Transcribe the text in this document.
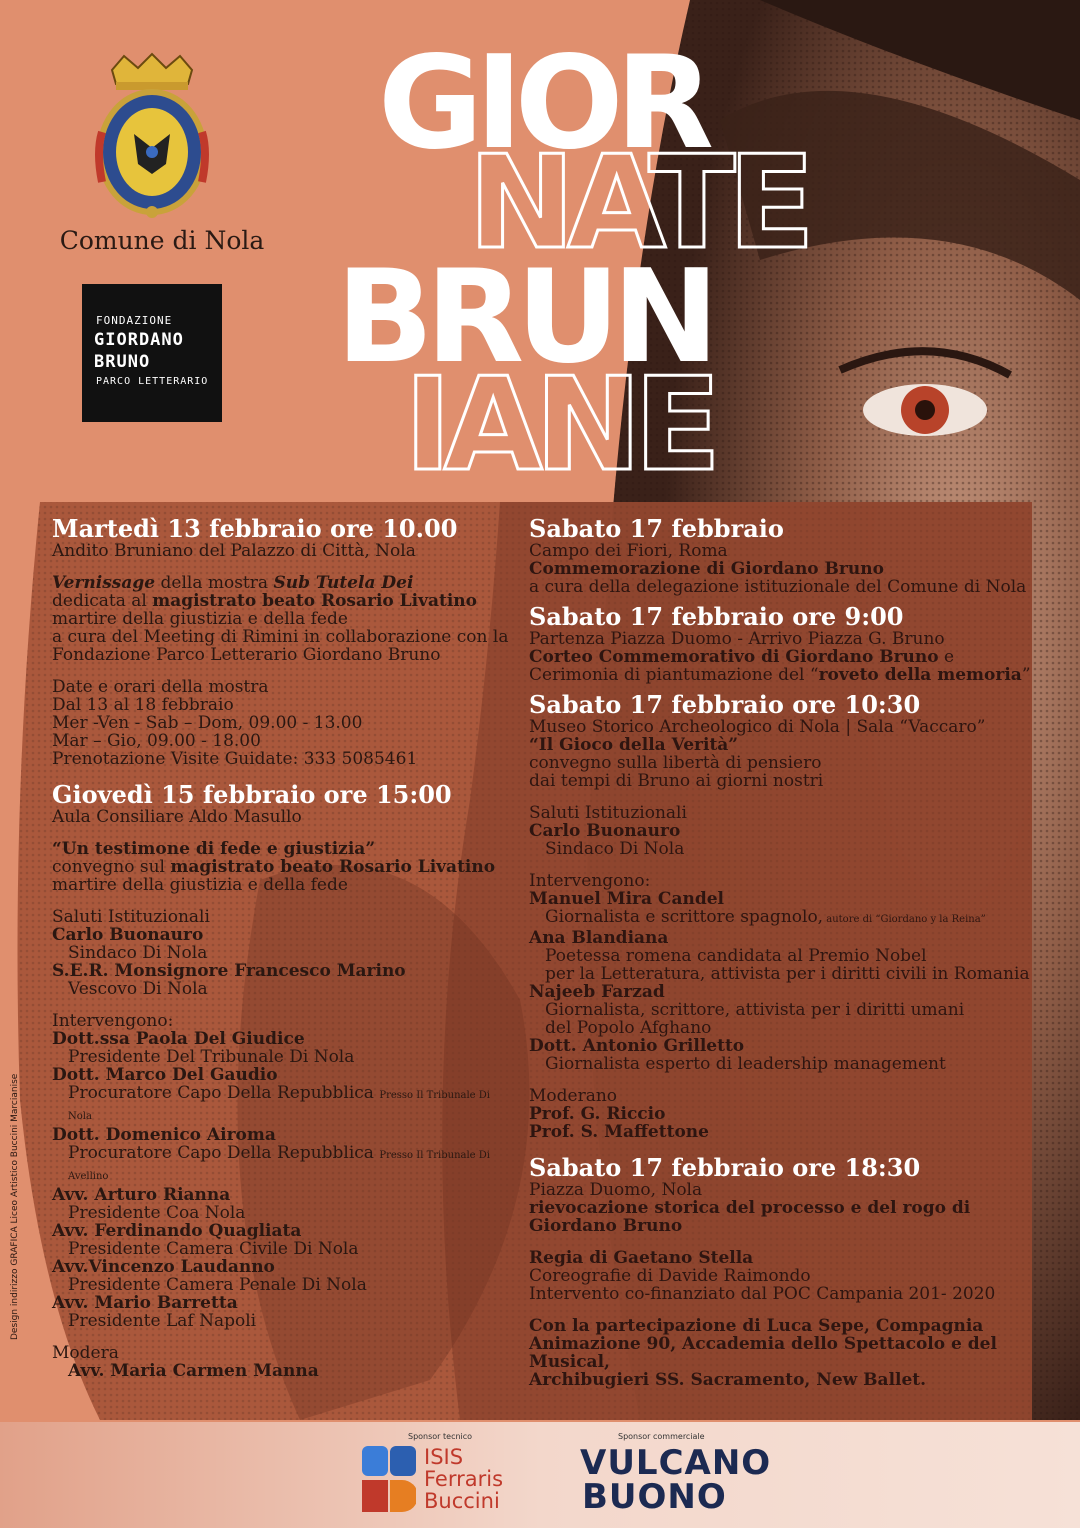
Comune di Nola
FONDAZIONE
GIORDANO
BRUNO
PARCO LETTERARIO
GIOR
NATE
BRUN
IANE

Martedì 13 febbraio ore 10.00

Andito Bruniano del Palazzo di Città, Nola

Vernissage della mostra Sub Tutela Dei

dedicata al magistrato beato Rosario Livatino

martire della giustizia e della fede

a cura del Meeting di Rimini in collaborazione con la

Fondazione Parco Letterario Giordano Bruno

Date e orari della mostra

Dal 13 al 18 febbraio

Mer -Ven - Sab – Dom, 09.00 - 13.00

Mar – Gio, 09.00 - 18.00

Prenotazione Visite Guidate: 333 5085461

Giovedì 15 febbraio ore 15:00

Aula Consiliare Aldo Masullo

“Un testimone di fede e giustizia”

convegno sul magistrato beato Rosario Livatino

martire della giustizia e della fede

Saluti Istituzionali

Carlo Buonauro

Sindaco Di Nola

S.E.R. Monsignore Francesco Marino

Vescovo Di Nola

Intervengono:

Dott.ssa Paola Del Giudice

Presidente Del Tribunale Di Nola

Dott. Marco Del Gaudio

Procuratore Capo Della Repubblica Presso Il Tribunale Di Nola

Dott. Domenico Airoma

Procuratore Capo Della Repubblica Presso Il Tribunale Di Avellino

Avv. Arturo Rianna

Presidente Coa Nola

Avv. Ferdinando Quagliata

Presidente Camera Civile Di Nola

Avv.Vincenzo Laudanno

Presidente Camera Penale Di Nola

Avv. Mario Barretta

Presidente Laf Napoli

Modera

Avv. Maria Carmen Manna

Sabato 17 febbraio

Campo dei Fiori, Roma

Commemorazione di Giordano Bruno

a cura della delegazione istituzionale del Comune di Nola

Sabato 17 febbraio ore 9:00

Partenza Piazza Duomo - Arrivo Piazza G. Bruno

Corteo Commemorativo di Giordano Bruno e

Cerimonia di piantumazione del “roveto della memoria”

Sabato 17 febbraio ore 10:30

Museo Storico Archeologico di Nola | Sala “Vaccaro”

“Il Gioco della Verità”

convegno sulla libertà di pensiero

dai tempi di Bruno ai giorni nostri

Saluti Istituzionali

Carlo Buonauro

Sindaco Di Nola

Intervengono:

Manuel Mira Candel

Giornalista e scrittore spagnolo, autore di “Giordano y la Reina”

Ana Blandiana

Poetessa romena candidata al Premio Nobel

per la Letteratura, attivista per i diritti civili in Romania

Najeeb Farzad

Giornalista, scrittore, attivista per i diritti umani

del Popolo Afghano

Dott. Antonio Grilletto

Giornalista esperto di leadership management

Moderano

Prof. G. Riccio

Prof. S. Maffettone

Sabato 17 febbraio ore 18:30

Piazza Duomo, Nola

rievocazione storica del processo e del rogo di Giordano Bruno

Regia di Gaetano Stella

Coreografie di Davide Raimondo

Intervento co-finanziato dal POC Campania 201- 2020

Con la partecipazione di Luca Sepe, Compagnia

Animazione 90, Accademia dello Spettacolo e del Musical,

Archibugieri SS. Sacramento, New Ballet.

Design indirizzo GRAFICA Liceo Artistico Buccini Marcianise
Sponsor tecnico	Sponsor commerciale
ISIS
Ferraris
Buccini
VULCANO
BUONO
